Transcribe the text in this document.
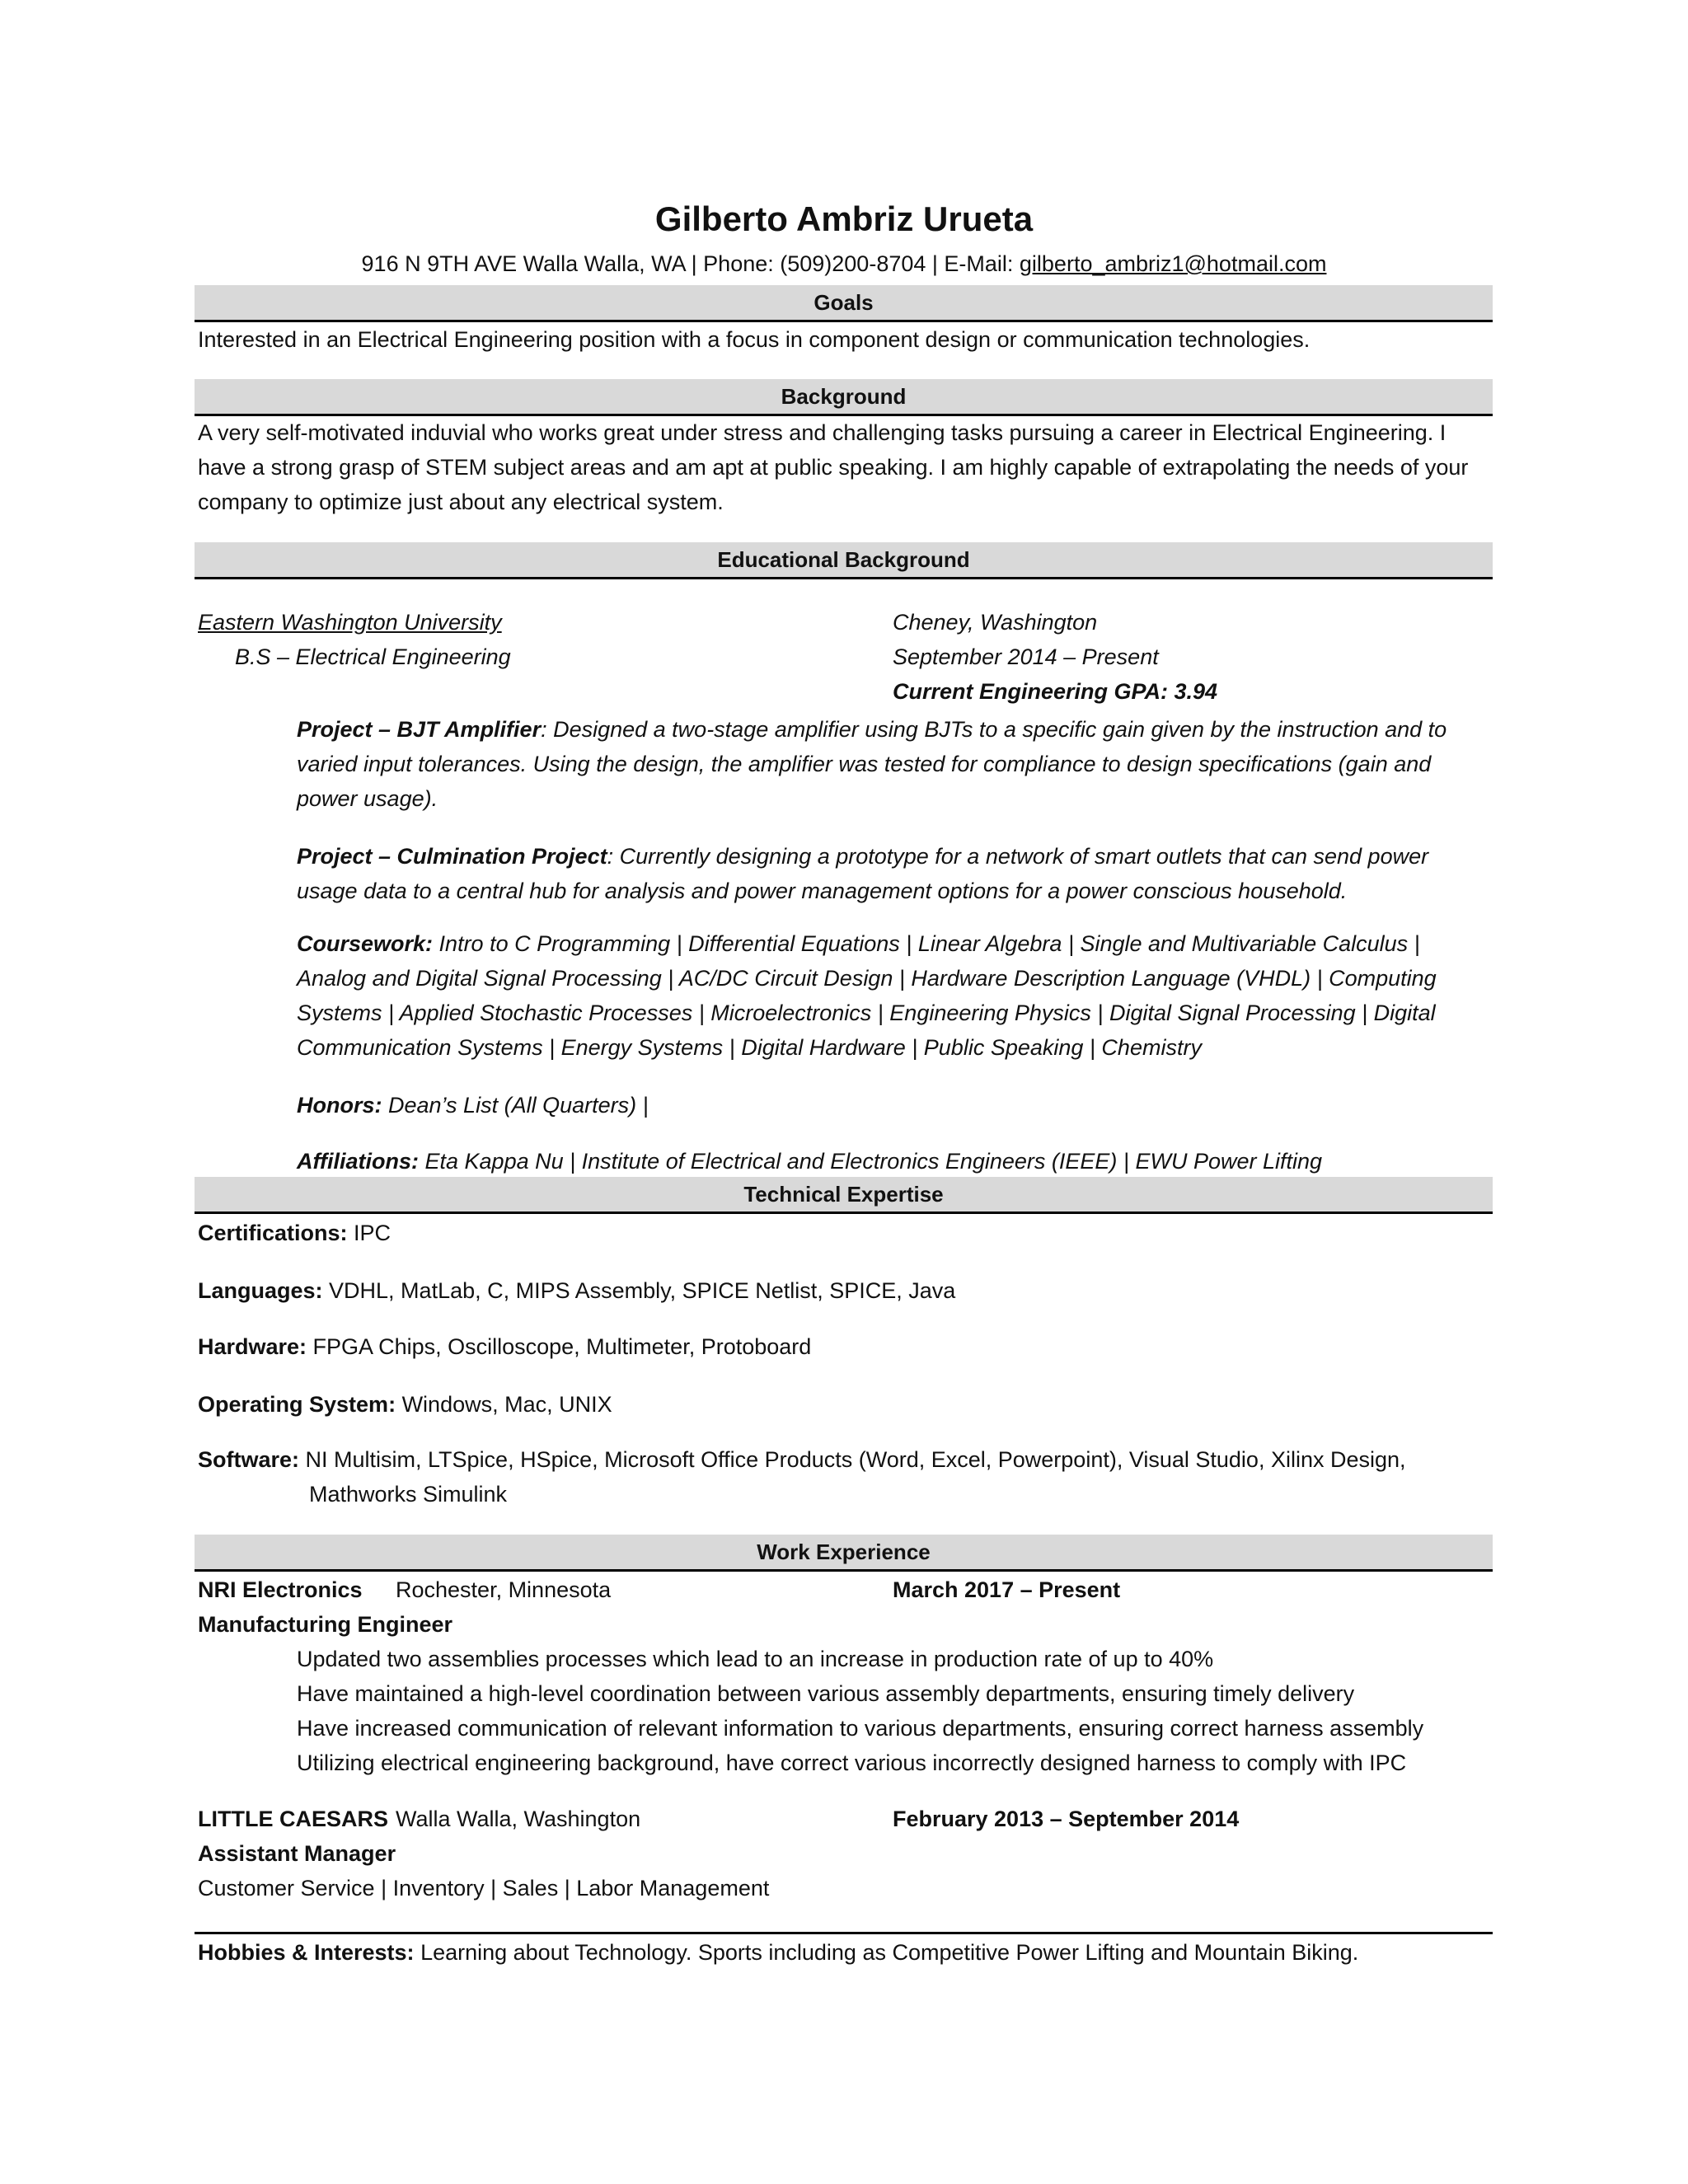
Gilberto Ambriz Urueta
916 N 9TH AVE Walla Walla, WA | Phone: (509)200-8704 | E-Mail: gilberto_ambriz1@hotmail.com
Goals
Interested in an Electrical Engineering position with a focus in component design or communication technologies.
Background
A very self-motivated induvial who works great under stress and challenging tasks pursuing a career in Electrical Engineering. I have a strong grasp of STEM subject areas and am apt at public speaking. I am highly capable of extrapolating the needs of your company to optimize just about any electrical system.
Educational Background
Eastern Washington University	Cheney, Washington
B.S – Electrical Engineering	September 2014 – Present
Current Engineering GPA: 3.94
Project – BJT Amplifier: Designed a two-stage amplifier using BJTs to a specific gain given by the instruction and to varied input tolerances. Using the design, the amplifier was tested for compliance to design specifications (gain and power usage).
Project – Culmination Project: Currently designing a prototype for a network of smart outlets that can send power usage data to a central hub for analysis and power management options for a power conscious household.
Coursework: Intro to C Programming | Differential Equations | Linear Algebra | Single and Multivariable Calculus | Analog and Digital Signal Processing | AC/DC Circuit Design | Hardware Description Language (VHDL) | Computing Systems | Applied Stochastic Processes | Microelectronics | Engineering Physics | Digital Signal Processing | Digital Communication Systems | Energy Systems | Digital Hardware | Public Speaking | Chemistry
Honors: Dean’s List (All Quarters) |
Affiliations: Eta Kappa Nu | Institute of Electrical and Electronics Engineers (IEEE) | EWU Power Lifting
Technical Expertise
Certifications: IPC
Languages: VDHL, MatLab, C, MIPS Assembly, SPICE Netlist, SPICE, Java
Hardware: FPGA Chips, Oscilloscope, Multimeter, Protoboard
Operating System: Windows, Mac, UNIX
Software: NI Multisim, LTSpice, HSpice, Microsoft Office Products (Word, Excel, Powerpoint), Visual Studio, Xilinx Design,
Mathworks Simulink
Work Experience
NRI Electronics Rochester, Minnesota	March 2017 – Present
Manufacturing Engineer
Updated two assemblies processes which lead to an increase in production rate of up to 40%
Have maintained a high-level coordination between various assembly departments, ensuring timely delivery
Have increased communication of relevant information to various departments, ensuring correct harness assembly
Utilizing electrical engineering background, have correct various incorrectly designed harness to comply with IPC
LITTLE CAESARS Walla Walla, Washington	February 2013 – September 2014
Assistant Manager
Customer Service | Inventory | Sales | Labor Management
Hobbies & Interests: Learning about Technology. Sports including as Competitive Power Lifting and Mountain Biking.
